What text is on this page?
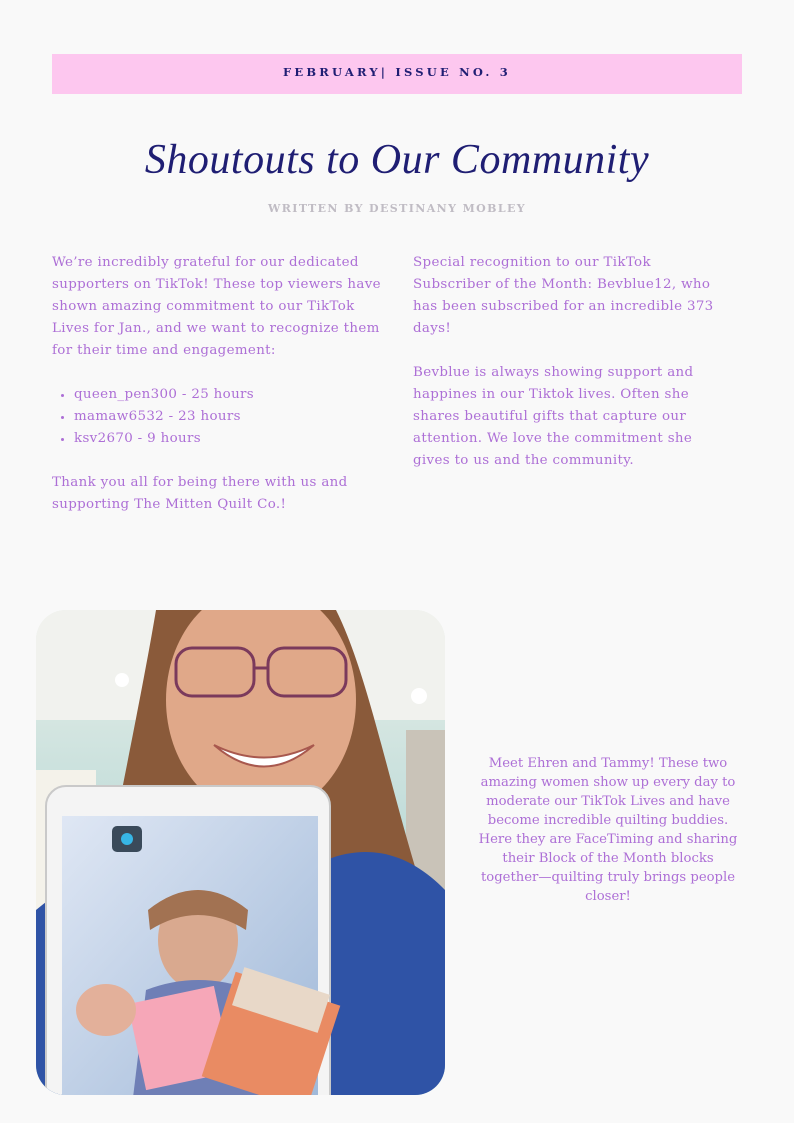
FEBRUARY| ISSUE NO. 3
Shoutouts to Our Community
WRITTEN BY DESTINANY MOBLEY

We’re incredibly grateful for our dedicated supporters on TikTok! These top viewers have shown amazing commitment to our TikTok Lives for Jan., and we want to recognize them for their time and engagement:

queen_pen300 - 25 hours
mamaw6532 - 23 hours
ksv2670 - 9 hours

Thank you all for being there with us and supporting The Mitten Quilt Co.!

Special recognition to our TikTok Subscriber of the Month: Bevblue12, who has been subscribed for an incredible 373 days!

Bevblue is always showing support and happines in our Tiktok lives. Often she shares beautiful gifts that capture our attention. We love the commitment she gives to us and the community.

Meet Ehren and Tammy! These two amazing women show up every day to moderate our TikTok Lives and have become incredible quilting buddies. Here they are FaceTiming and sharing their Block of the Month blocks together—quilting truly brings people closer!
